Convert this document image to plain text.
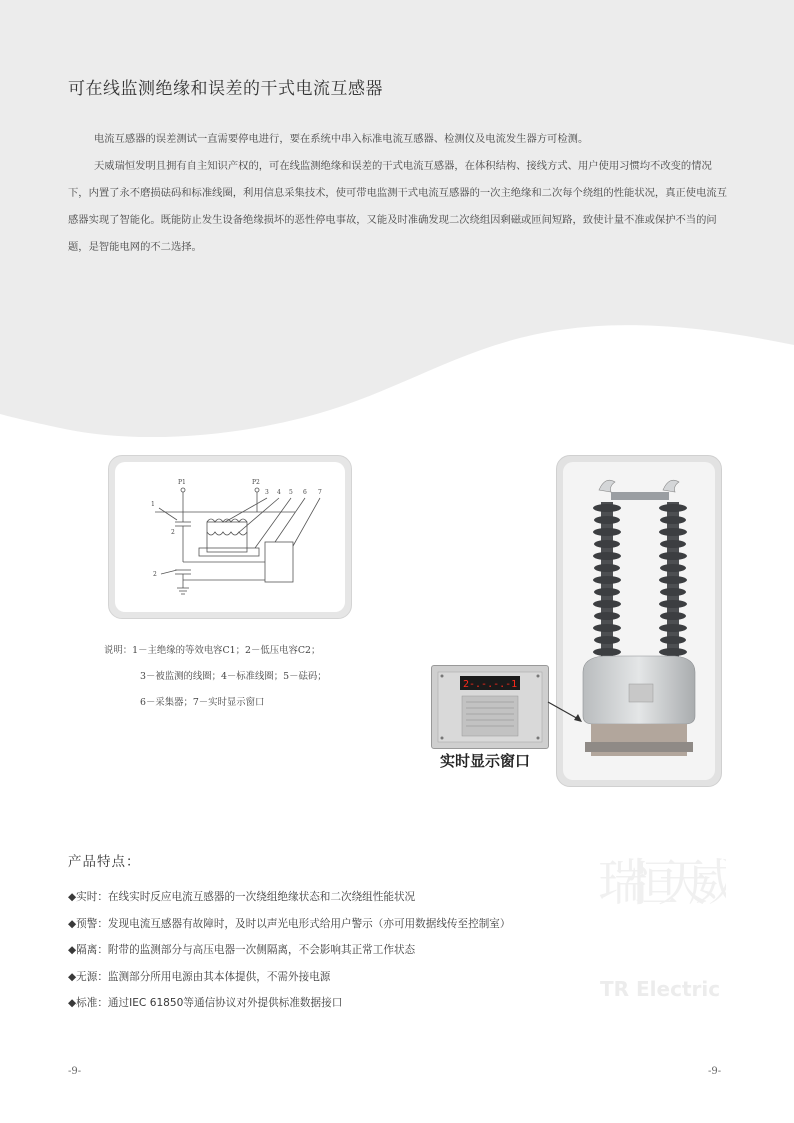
可在线监测绝缘和误差的干式电流互感器

电流互感器的误差测试一直需要停电进行，要在系统中串入标准电流互感器、检测仪及电流发生器方可检测。

天威瑞恒发明且拥有自主知识产权的，可在线监测绝缘和误差的干式电流互感器，在体积结构、接线方式、用户使用习惯均不改变的情况下，内置了永不磨损砝码和标准线圈，利用信息采集技术，使可带电监测干式电流互感器的一次主绝缘和二次每个绕组的性能状况，真正使电流互感器实现了智能化。既能防止发生设备绝缘损坏的恶性停电事故，又能及时准确发现二次绕组因剩磁或匝间短路，致使计量不准或保护不当的问题，是智能电网的不二选择。

P1	P2
1
2
2
3 4 5 6 7
说明：1－主绝缘的等效电容C1；2－低压电容C2；
3－被监测的线圈；4－标准线圈；5－砝码；
6－采集器；7－实时显示窗口
2-.-.-.-1
实时显示窗口
产品特点：
◆实时：在线实时反应电流互感器的一次绕组绝缘状态和二次绕组性能状况
◆预警：发现电流互感器有故障时，及时以声光电形式给用户警示（亦可用数据线传至控制室）
◆隔离：附带的监测部分与高压电器一次侧隔离，不会影响其正常工作状态
◆无源：监测部分所用电源由其本体提供，不需外接电源
◆标准：通过IEC 61850等通信协议对外提供标准数据接口
瑞 恒 天 威
TR Electric
-9-	-9-
